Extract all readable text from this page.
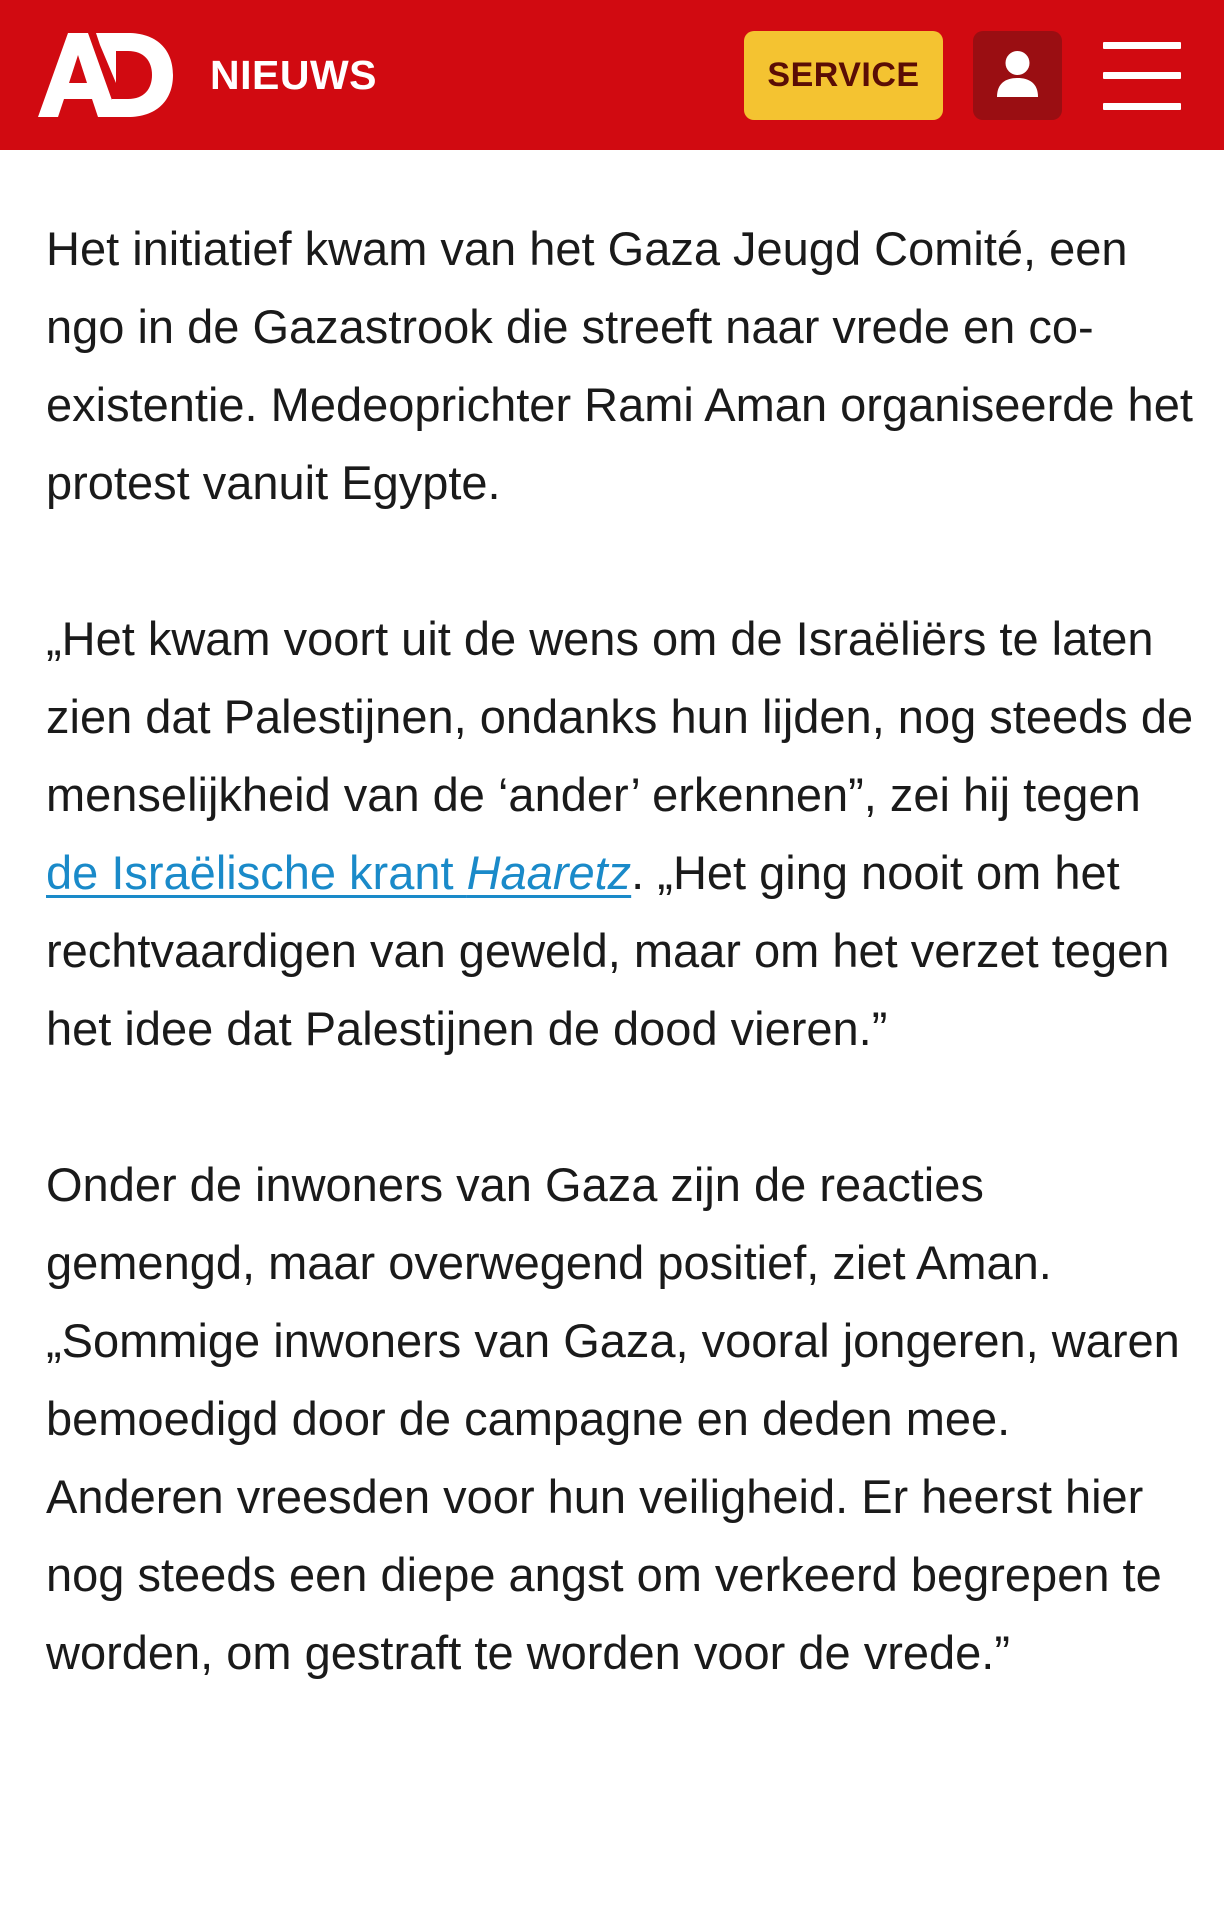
NIEUWS	SERVICE

Het initiatief kwam van het Gaza Jeugd Comité, een ngo in de Gazastrook die streeft naar vrede en co-existentie. Medeoprichter Rami Aman organiseerde het protest vanuit Egypte.

„Het kwam voort uit de wens om de Israëliërs te laten zien dat Palestijnen, ondanks hun lijden, nog steeds de menselijkheid van de ‘ander’ erkennen”, zei hij tegen de Israëlische krant Haaretz. „Het ging nooit om het rechtvaardigen van geweld, maar om het verzet tegen het idee dat Palestijnen de dood vieren.”

Onder de inwoners van Gaza zijn de reacties gemengd, maar overwegend positief, ziet Aman. „Sommige inwoners van Gaza, vooral jongeren, waren bemoedigd door de campagne en deden mee. Anderen vreesden voor hun veiligheid. Er heerst hier nog steeds een diepe angst om verkeerd begrepen te worden, om gestraft te worden voor de vrede.”
